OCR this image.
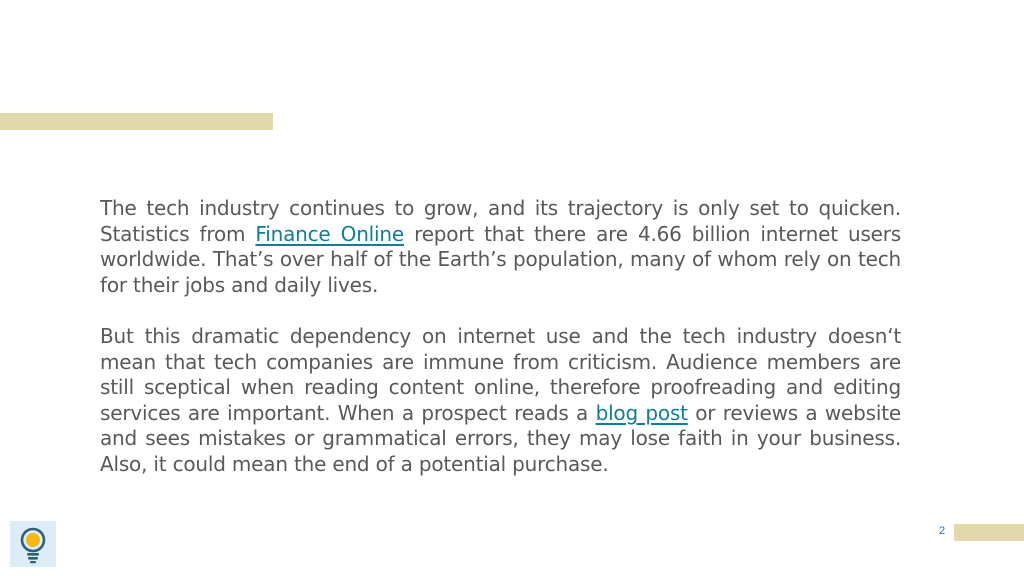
The tech industry continues to grow, and its trajectory is only set to quicken. Statistics from Finance Online report that there are 4.66 billion internet users worldwide. That’s over half of the Earth’s population, many of whom rely on tech for their jobs and daily lives.

But this dramatic dependency on internet use and the tech industry doesn‘t mean that tech companies are immune from criticism. Audience members are still sceptical when reading content online, therefore proofreading and editing services are important. When a prospect reads a blog post or reviews a website and sees mistakes or grammatical errors, they may lose faith in your business. Also, it could mean the end of a potential purchase.

2
